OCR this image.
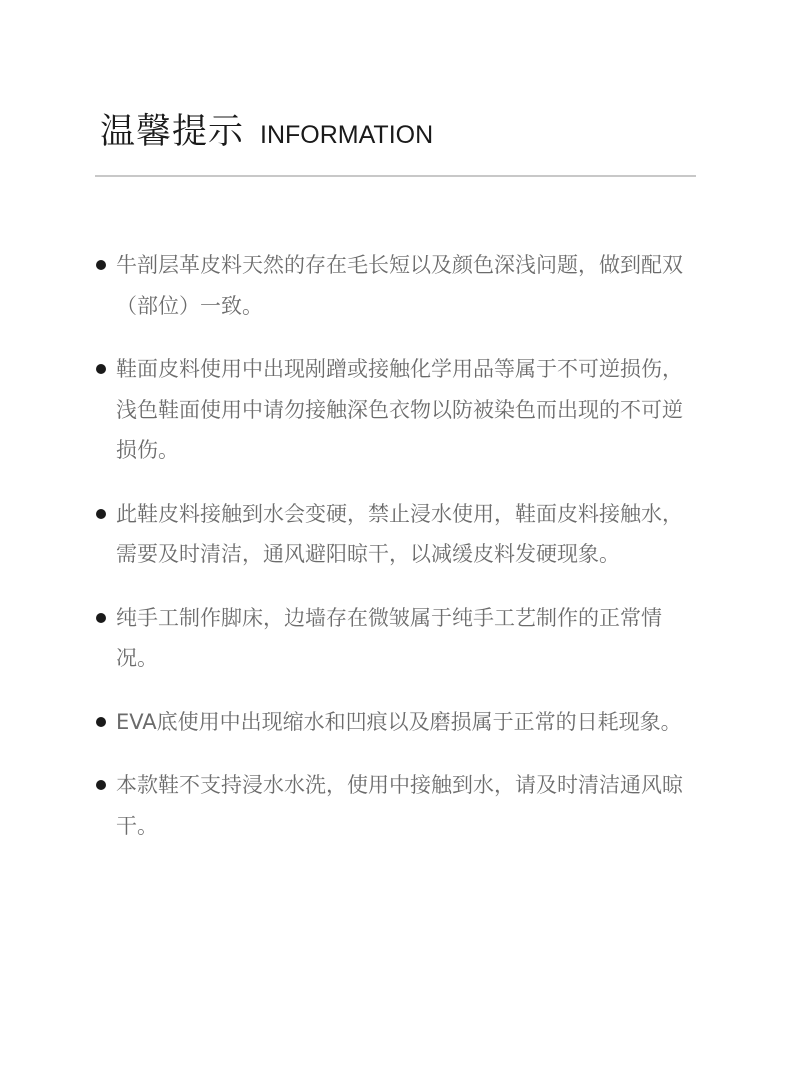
温馨提示 INFORMATION
牛剖层革皮料天然的存在毛长短以及颜色深浅问题，做到配双（部位）一致。
鞋面皮料使用中出现剐蹭或接触化学用品等属于不可逆损伤，浅色鞋面使用中请勿接触深色衣物以防被染色而出现的不可逆损伤。
此鞋皮料接触到水会变硬，禁止浸水使用，鞋面皮料接触水，需要及时清洁，通风避阳晾干，以减缓皮料发硬现象。
纯手工制作脚床，边墙存在微皱属于纯手工艺制作的正常情况。
EVA底使用中出现缩水和凹痕以及磨损属于正常的日耗现象。
本款鞋不支持浸水水洗，使用中接触到水，请及时清洁通风晾干。
